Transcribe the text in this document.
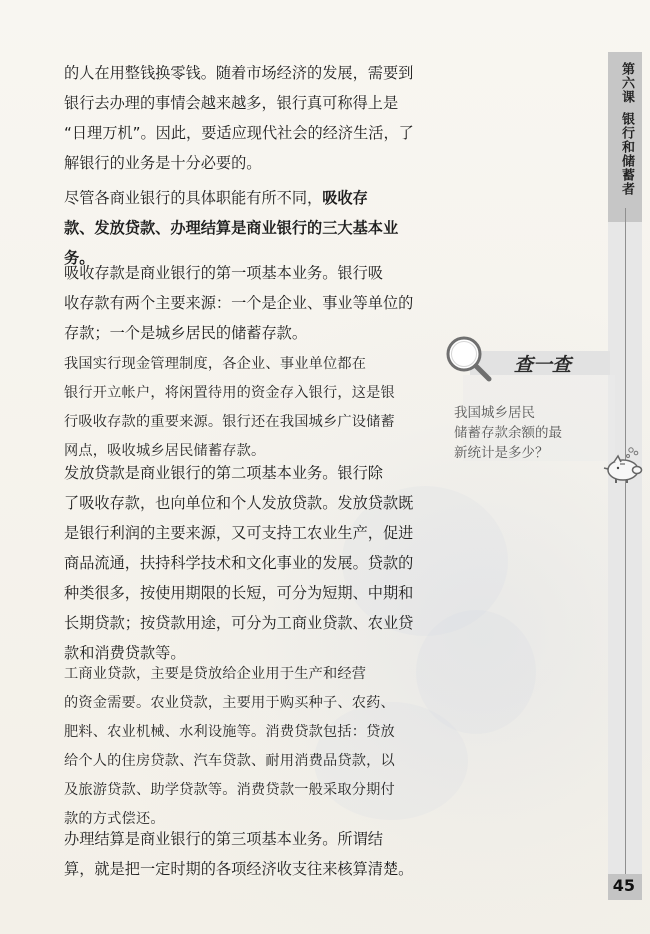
第六课
银行和储蓄者
45
的人在用整钱换零钱。随着市场经济的发展，需要到
银行去办理的事情会越来越多，银行真可称得上是
“日理万机”。因此，要适应现代社会的经济生活，了
解银行的业务是十分必要的。
尽管各商业银行的具体职能有所不同，吸收存
款、发放贷款、办理结算是商业银行的三大基本业
务。
吸收存款是商业银行的第一项基本业务。银行吸
收存款有两个主要来源：一个是企业、事业等单位的
存款；一个是城乡居民的储蓄存款。
我国实行现金管理制度，各企业、事业单位都在
银行开立帐户，将闲置待用的资金存入银行，这是银
行吸收存款的重要来源。银行还在我国城乡广设储蓄
网点，吸收城乡居民储蓄存款。
发放贷款是商业银行的第二项基本业务。银行除
了吸收存款，也向单位和个人发放贷款。发放贷款既
是银行利润的主要来源，又可支持工农业生产，促进
商品流通，扶持科学技术和文化事业的发展。贷款的
种类很多，按使用期限的长短，可分为短期、中期和
长期贷款；按贷款用途，可分为工商业贷款、农业贷
款和消费贷款等。
工商业贷款，主要是贷放给企业用于生产和经营
的资金需要。农业贷款，主要用于购买种子、农药、
肥料、农业机械、水利设施等。消费贷款包括：贷放
给个人的住房贷款、汽车贷款、耐用消费品贷款，以
及旅游贷款、助学贷款等。消费贷款一般采取分期付
款的方式偿还。
办理结算是商业银行的第三项基本业务。所谓结
算，就是把一定时期的各项经济收支往来核算清楚。
查一查
我国城乡居民
储蓄存款余额的最
新统计是多少？
